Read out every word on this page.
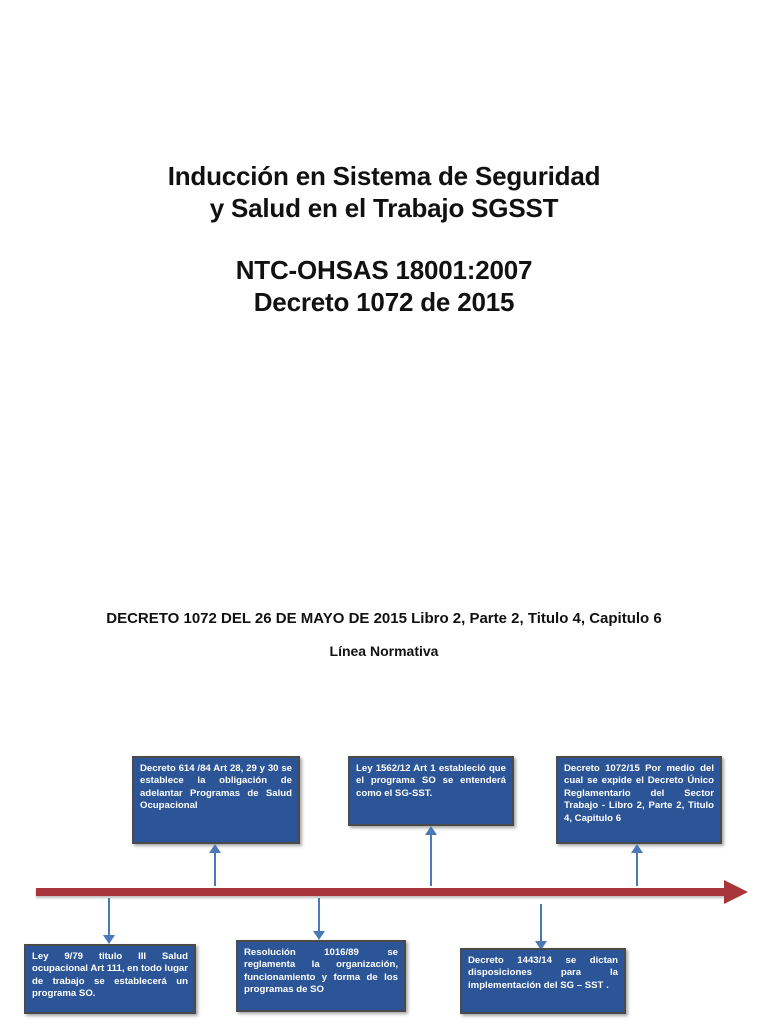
Inducción en Sistema de Seguridad
y Salud en el Trabajo SGSST
NTC-OHSAS 18001:2007
Decreto 1072 de 2015
DECRETO 1072 DEL 26 DE MAYO DE 2015 Libro 2, Parte 2, Titulo 4, Capitulo 6
Línea Normativa
Decreto 614 /84 Art 28, 29 y 30 se establece la obligación de adelantar Programas de Salud Ocupacional
Ley 1562/12 Art 1 estableció que el programa SO se entenderá como el SG-SST.
Decreto 1072/15 Por medio del cual se expide el Decreto Único Reglamentario del Sector Trabajo - Libro 2, Parte 2, Titulo 4, Capitulo 6
Ley 9/79 titulo III Salud ocupacional Art 111, en todo lugar de trabajo se establecerá un programa SO.
Resolución 1016/89 se reglamenta la organización, funcionamiento y forma de los programas de SO
Decreto 1443/14 se dictan disposiciones para la implementación del SG – SST .
